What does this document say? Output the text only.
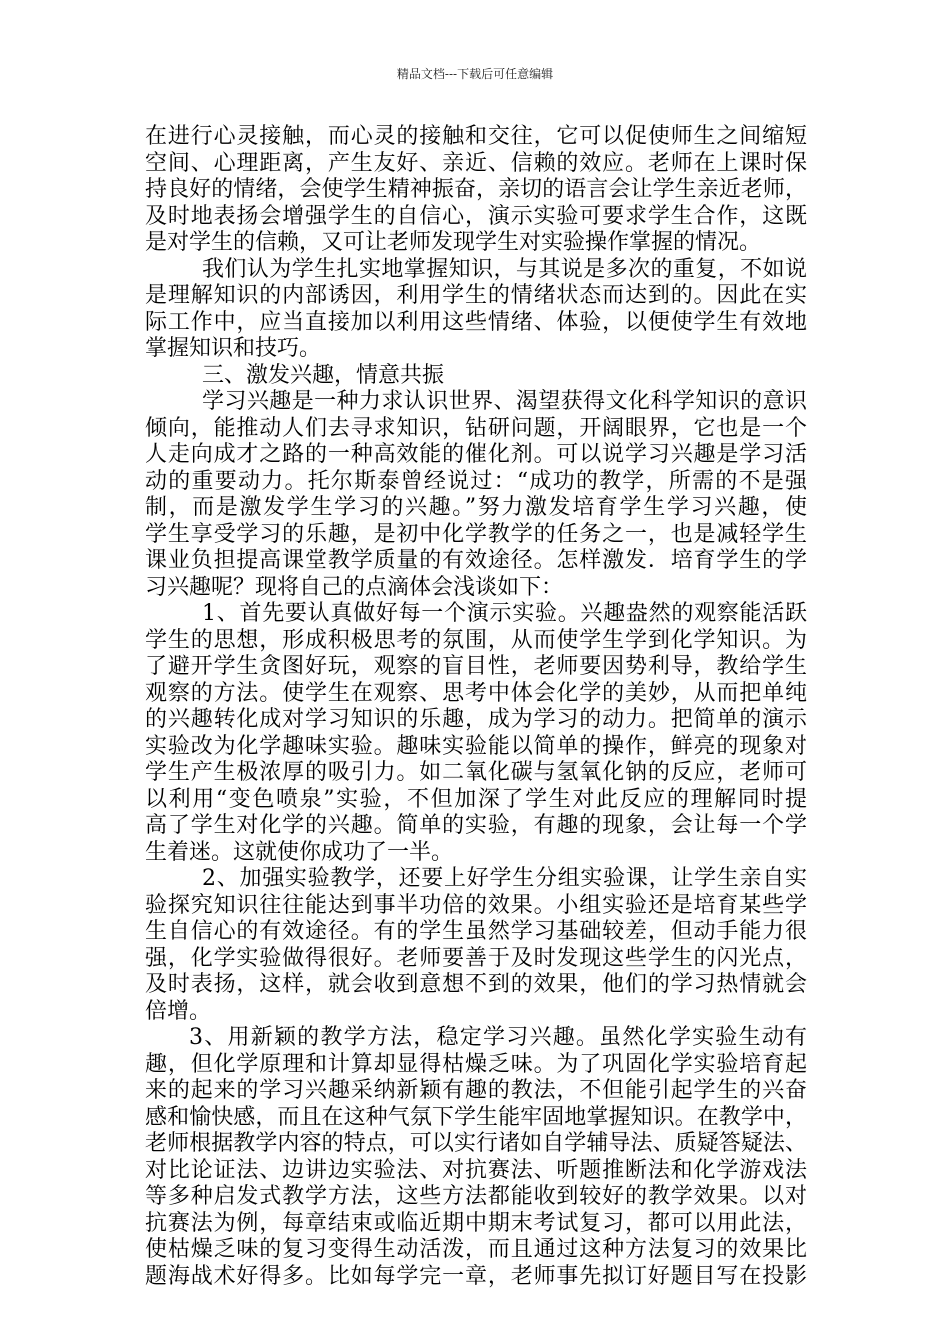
精品文档---下载后可任意编辑
在进行心灵接触，而心灵的接触和交往，它可以促使师生之间缩短
空间、心理距离，产生友好、亲近、信赖的效应。老师在上课时保
持良好的情绪，会使学生精神振奋，亲切的语言会让学生亲近老师，
及时地表扬会增强学生的自信心，演示实验可要求学生合作，这既
是对学生的信赖，又可让老师发现学生对实验操作掌握的情况。
我们认为学生扎实地掌握知识，与其说是多次的重复，不如说
是理解知识的内部诱因，利用学生的情绪状态而达到的。因此在实
际工作中，应当直接加以利用这些情绪、体验，以便使学生有效地
掌握知识和技巧。
三、激发兴趣，情意共振
学习兴趣是一种力求认识世界、渴望获得文化科学知识的意识
倾向，能推动人们去寻求知识，钻研问题，开阔眼界，它也是一个
人走向成才之路的一种高效能的催化剂。可以说学习兴趣是学习活
动的重要动力。托尔斯泰曾经说过：“成功的教学，所需的不是强
制，而是激发学生学习的兴趣。”努力激发培育学生学习兴趣，使
学生享受学习的乐趣，是初中化学教学的任务之一，也是减轻学生
课业负担提高课堂教学质量的有效途径。怎样激发．培育学生的学
习兴趣呢？现将自己的点滴体会浅谈如下：
1、首先要认真做好每一个演示实验。兴趣盎然的观察能活跃
学生的思想，形成积极思考的氛围，从而使学生学到化学知识。为
了避开学生贪图好玩，观察的盲目性，老师要因势利导，教给学生
观察的方法。使学生在观察、思考中体会化学的美妙，从而把单纯
的兴趣转化成对学习知识的乐趣，成为学习的动力。把简单的演示
实验改为化学趣味实验。趣味实验能以简单的操作，鲜亮的现象对
学生产生极浓厚的吸引力。如二氧化碳与氢氧化钠的反应，老师可
以利用“变色喷泉”实验，不但加深了学生对此反应的理解同时提
高了学生对化学的兴趣。简单的实验，有趣的现象，会让每一个学
生着迷。这就使你成功了一半。
2、加强实验教学，还要上好学生分组实验课，让学生亲自实
验探究知识往往能达到事半功倍的效果。小组实验还是培育某些学
生自信心的有效途径。有的学生虽然学习基础较差，但动手能力很
强，化学实验做得很好。老师要善于及时发现这些学生的闪光点，
及时表扬，这样，就会收到意想不到的效果，他们的学习热情就会
倍增。
3、用新颖的教学方法，稳定学习兴趣。虽然化学实验生动有
趣，但化学原理和计算却显得枯燥乏味。为了巩固化学实验培育起
来的起来的学习兴趣采纳新颖有趣的教法，不但能引起学生的兴奋
感和愉快感，而且在这种气氛下学生能牢固地掌握知识。在教学中，
老师根据教学内容的特点，可以实行诸如自学辅导法、质疑答疑法、
对比论证法、边讲边实验法、对抗赛法、听题推断法和化学游戏法
等多种启发式教学方法，这些方法都能收到较好的教学效果。以对
抗赛法为例，每章结束或临近期中期末考试复习，都可以用此法，
使枯燥乏味的复习变得生动活泼，而且通过这种方法复习的效果比
题海战术好得多。比如每学完一章，老师事先拟订好题目写在投影
